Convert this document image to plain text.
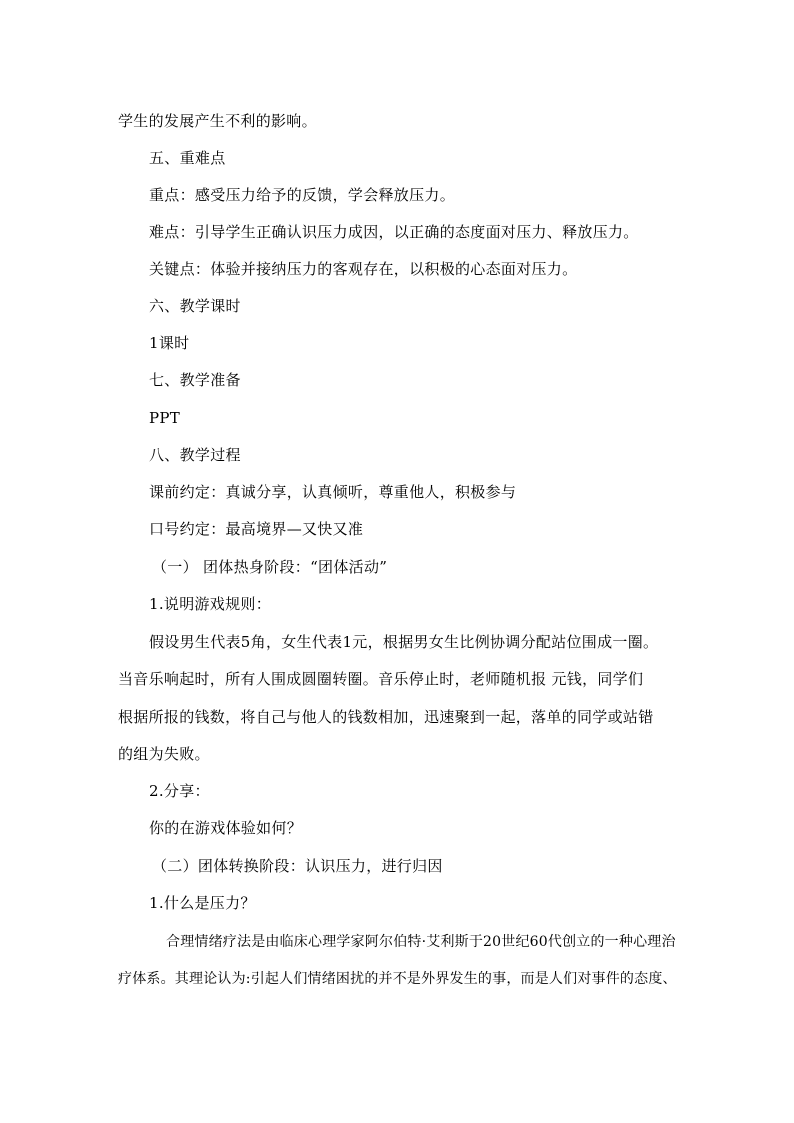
学生的发展产生不利的影响。
五、重难点
重点：感受压力给予的反馈，学会释放压力。
难点：引导学生正确认识压力成因，以正确的态度面对压力、释放压力。
关键点：体验并接纳压力的客观存在，以积极的心态面对压力。
六、教学课时
1课时
七、教学准备
PPT
八、教学过程
课前约定：真诚分享，认真倾听，尊重他人，积极参与
口号约定：最高境界—又快又准
（一） 团体热身阶段：“团体活动”
1.说明游戏规则：
假设男生代表5角，女生代表1元，根据男女生比例协调分配站位围成一圈。
当音乐响起时，所有人围成圆圈转圈。音乐停止时，老师随机报 元钱，同学们
根据所报的钱数，将自己与他人的钱数相加，迅速聚到一起，落单的同学或站错
的组为失败。
2.分享：
你的在游戏体验如何？
（二）团体转换阶段：认识压力，进行归因
1.什么是压力？
合理情绪疗法是由临床心理学家阿尔伯特·艾利斯于20世纪60代创立的一种心理治
疗体系。其理论认为:引起人们情绪困扰的并不是外界发生的事，而是人们对事件的态度、
